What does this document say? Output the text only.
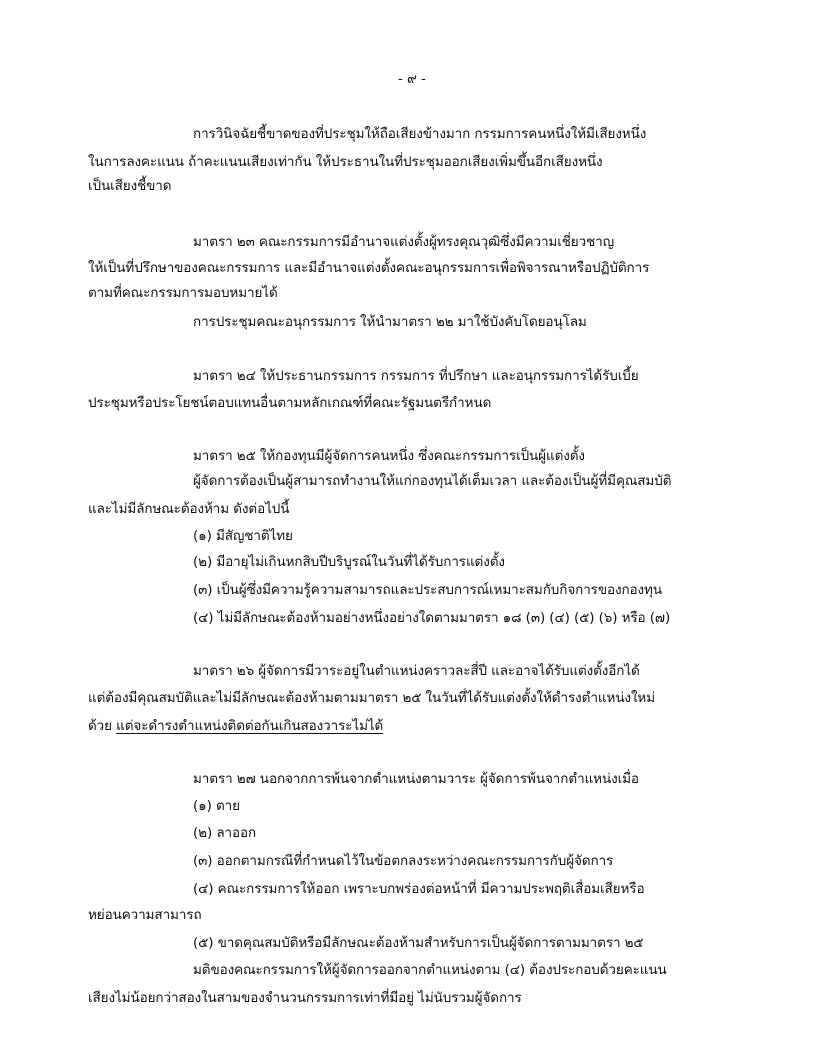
- ๙ -
การวินิจฉัยชี้ขาดของที่ประชุมให้ถือเสียงข้างมาก กรรมการคนหนึ่งให้มีเสียงหนึ่ง
ในการลงคะแนน ถ้าคะแนนเสียงเท่ากัน ให้ประธานในที่ประชุมออกเสียงเพิ่มขึ้นอีกเสียงหนึ่ง
เป็นเสียงชี้ขาด
มาตรา ๒๓ คณะกรรมการมีอำนาจแต่งตั้งผู้ทรงคุณวุฒิซึ่งมีความเชี่ยวชาญ
ให้เป็นที่ปรึกษาของคณะกรรมการ และมีอำนาจแต่งตั้งคณะอนุกรรมการเพื่อพิจารณาหรือปฏิบัติการ
ตามที่คณะกรรมการมอบหมายได้
การประชุมคณะอนุกรรมการ ให้นำมาตรา ๒๒ มาใช้บังคับโดยอนุโลม
มาตรา ๒๔ ให้ประธานกรรมการ กรรมการ ที่ปรึกษา และอนุกรรมการได้รับเบี้ย
ประชุมหรือประโยชน์ตอบแทนอื่นตามหลักเกณฑ์ที่คณะรัฐมนตรีกำหนด
มาตรา ๒๕ ให้กองทุนมีผู้จัดการคนหนึ่ง ซึ่งคณะกรรมการเป็นผู้แต่งตั้ง
ผู้จัดการต้องเป็นผู้สามารถทำงานให้แก่กองทุนได้เต็มเวลา และต้องเป็นผู้ที่มีคุณสมบัติ
และไม่มีลักษณะต้องห้าม ดังต่อไปนี้
(๑) มีสัญชาติไทย
(๒) มีอายุไม่เกินหกสิบปีบริบูรณ์ในวันที่ได้รับการแต่งตั้ง
(๓) เป็นผู้ซึ่งมีความรู้ความสามารถและประสบการณ์เหมาะสมกับกิจการของกองทุน
(๔) ไม่มีลักษณะต้องห้ามอย่างหนึ่งอย่างใดตามมาตรา ๑๘ (๓) (๔) (๕) (๖) หรือ (๗)
มาตรา ๒๖ ผู้จัดการมีวาระอยู่ในตำแหน่งคราวละสี่ปี และอาจได้รับแต่งตั้งอีกได้
แต่ต้องมีคุณสมบัติและไม่มีลักษณะต้องห้ามตามมาตรา ๒๕ ในวันที่ได้รับแต่งตั้งให้ดำรงตำแหน่งใหม่
ด้วย แต่จะดำรงตำแหน่งติดต่อกันเกินสองวาระไม่ได้
มาตรา ๒๗ นอกจากการพ้นจากตำแหน่งตามวาระ ผู้จัดการพ้นจากตำแหน่งเมื่อ
(๑) ตาย
(๒) ลาออก
(๓) ออกตามกรณีที่กำหนดไว้ในข้อตกลงระหว่างคณะกรรมการกับผู้จัดการ
(๔) คณะกรรมการให้ออก เพราะบกพร่องต่อหน้าที่ มีความประพฤติเสื่อมเสียหรือ
หย่อนความสามารถ
(๕) ขาดคุณสมบัติหรือมีลักษณะต้องห้ามสำหรับการเป็นผู้จัดการตามมาตรา ๒๕
มติของคณะกรรมการให้ผู้จัดการออกจากตำแหน่งตาม (๔) ต้องประกอบด้วยคะแนน
เสียงไม่น้อยกว่าสองในสามของจำนวนกรรมการเท่าที่มีอยู่ ไม่นับรวมผู้จัดการ
